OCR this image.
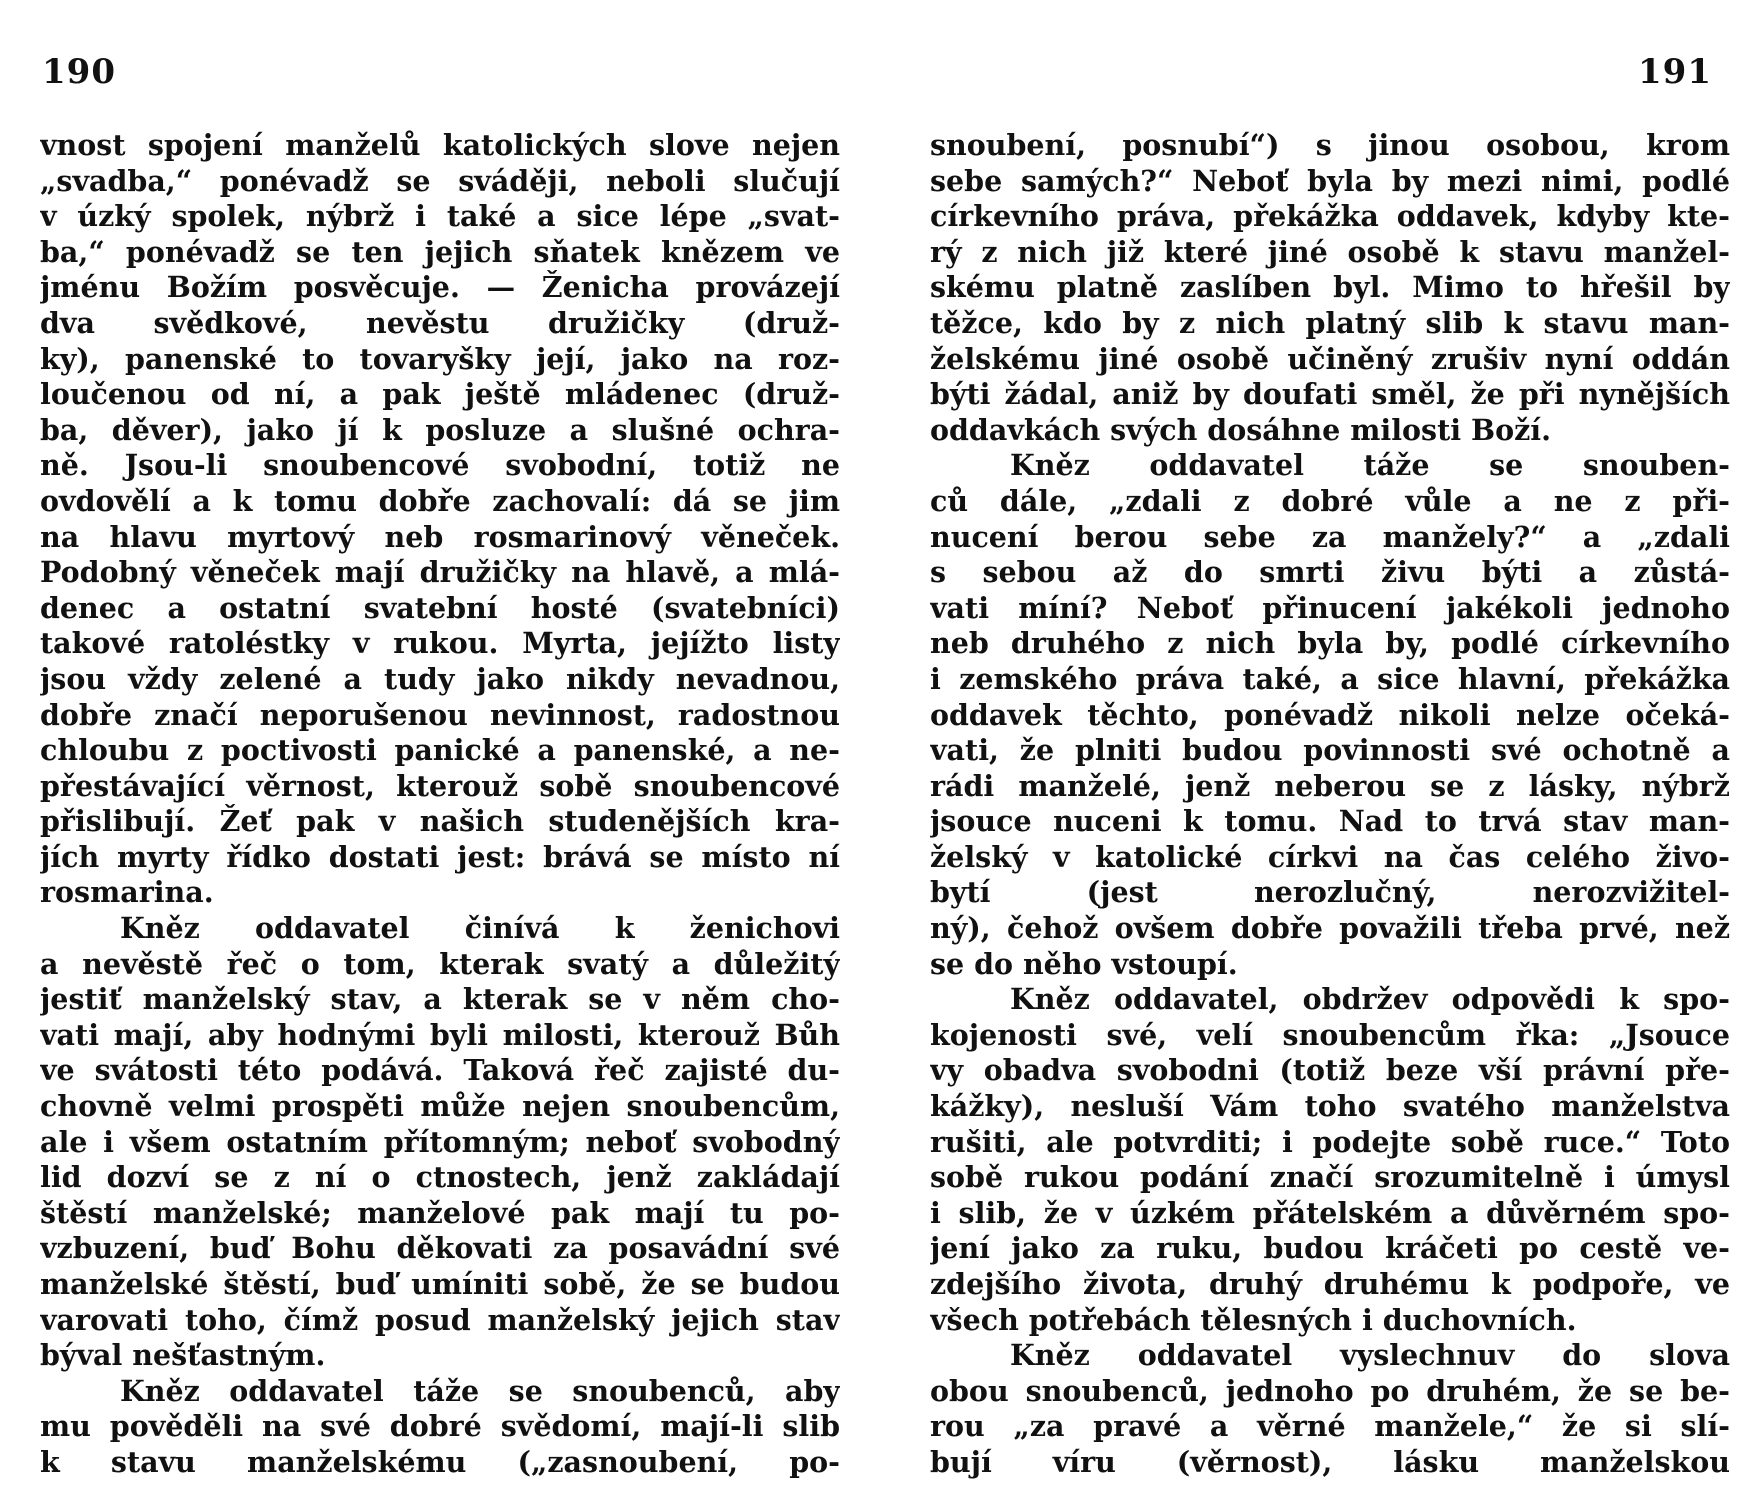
190	191
vnost spojení manželů katolických slove nejen
„svadba,“ ponévadž se sváději, neboli slučují
v úzký spolek, nýbrž i také a sice lépe „svat-
ba,“ ponévadž se ten jejich sňatek knězem ve
jménu Božím posvěcuje. — Ženicha provázejí
dva svědkové, nevěstu družičky (druž-
ky), panenské to tovaryšky její, jako na roz-
loučenou od ní, a pak ještě mládenec (druž-
ba, děver), jako jí k posluze a slušné ochra-
ně. Jsou-li snoubencové svobodní, totiž ne
ovdovělí a k tomu dobře zachovalí: dá se jim
na hlavu myrtový neb rosmarinový věneček.
Podobný věneček mají družičky na hlavě, a mlá-
denec a ostatní svatební hosté (svatebníci)
takové ratoléstky v rukou. Myrta, jejížto listy
jsou vždy zelené a tudy jako nikdy nevadnou,
dobře značí neporušenou nevinnost, radostnou
chloubu z poctivosti panické a panenské, a ne-
přestávající věrnost, kterouž sobě snoubencové
přislibují. Žeť pak v našich studenějších kra-
jích myrty řídko dostati jest: brává se místo ní
rosmarina.
Kněz oddavatel činívá k ženichovi
a nevěstě řeč o tom, kterak svatý a důležitý
jestiť manželský stav, a kterak se v něm cho-
vati mají, aby hodnými byli milosti, kterouž Bůh
ve svátosti této podává. Taková řeč zajisté du-
chovně velmi prospěti může nejen snoubencům,
ale i všem ostatním přítomným; neboť svobodný
lid dozví se z ní o ctnostech, jenž zakládají
štěstí manželské; manželové pak mají tu po-
vzbuzení, buď Bohu děkovati za posavádní své
manželské štěstí, buď umíniti sobě, že se budou
varovati toho, čímž posud manželský jejich stav
býval nešťastným.
Kněz oddavatel táže se snoubenců, aby
mu pověděli na své dobré svědomí, mají-li slib
k stavu manželskému („zasnoubení, po-
snoubení, posnubí“) s jinou osobou, krom
sebe samých?“ Neboť byla by mezi nimi, podlé
církevního práva, překážka oddavek, kdyby kte-
rý z nich již které jiné osobě k stavu manžel-
skému platně zaslíben byl. Mimo to hřešil by
těžce, kdo by z nich platný slib k stavu man-
želskému jiné osobě učiněný zrušiv nyní oddán
býti žádal, aniž by doufati směl, že při nynějších
oddavkách svých dosáhne milosti Boží.
Kněz oddavatel táže se snouben-
ců dále, „zdali z dobré vůle a ne z při-
nucení berou sebe za manžely?“ a „zdali
s sebou až do smrti živu býti a zůstá-
vati míní? Neboť přinucení jakékoli jednoho
neb druhého z nich byla by, podlé církevního
i zemského práva také, a sice hlavní, překážka
oddavek těchto, ponévadž nikoli nelze očeká-
vati, že plniti budou povinnosti své ochotně a
rádi manželé, jenž neberou se z lásky, nýbrž
jsouce nuceni k tomu. Nad to trvá stav man-
želský v katolické církvi na čas celého živo-
bytí (jest nerozlučný, nerozvižitel-
ný), čehož ovšem dobře považili třeba prvé, než
se do něho vstoupí.
Kněz oddavatel, obdržev odpovědi k spo-
kojenosti své, velí snoubencům řka: „Jsouce
vy obadva svobodni (totiž beze vší právní pře-
kážky), nesluší Vám toho svatého manželstva
rušiti, ale potvrditi; i podejte sobě ruce.“ Toto
sobě rukou podání značí srozumitelně i úmysl
i slib, že v úzkém přátelském a důvěrném spo-
jení jako za ruku, budou kráčeti po cestě ve-
zdejšího života, druhý druhému k podpoře, ve
všech potřebách tělesných i duchovních.
Kněz oddavatel vyslechnuv do slova
obou snoubenců, jednoho po druhém, že se be-
rou „za pravé a věrné manžele,“ že si slí-
bují víru (věrnost), lásku manželskou
